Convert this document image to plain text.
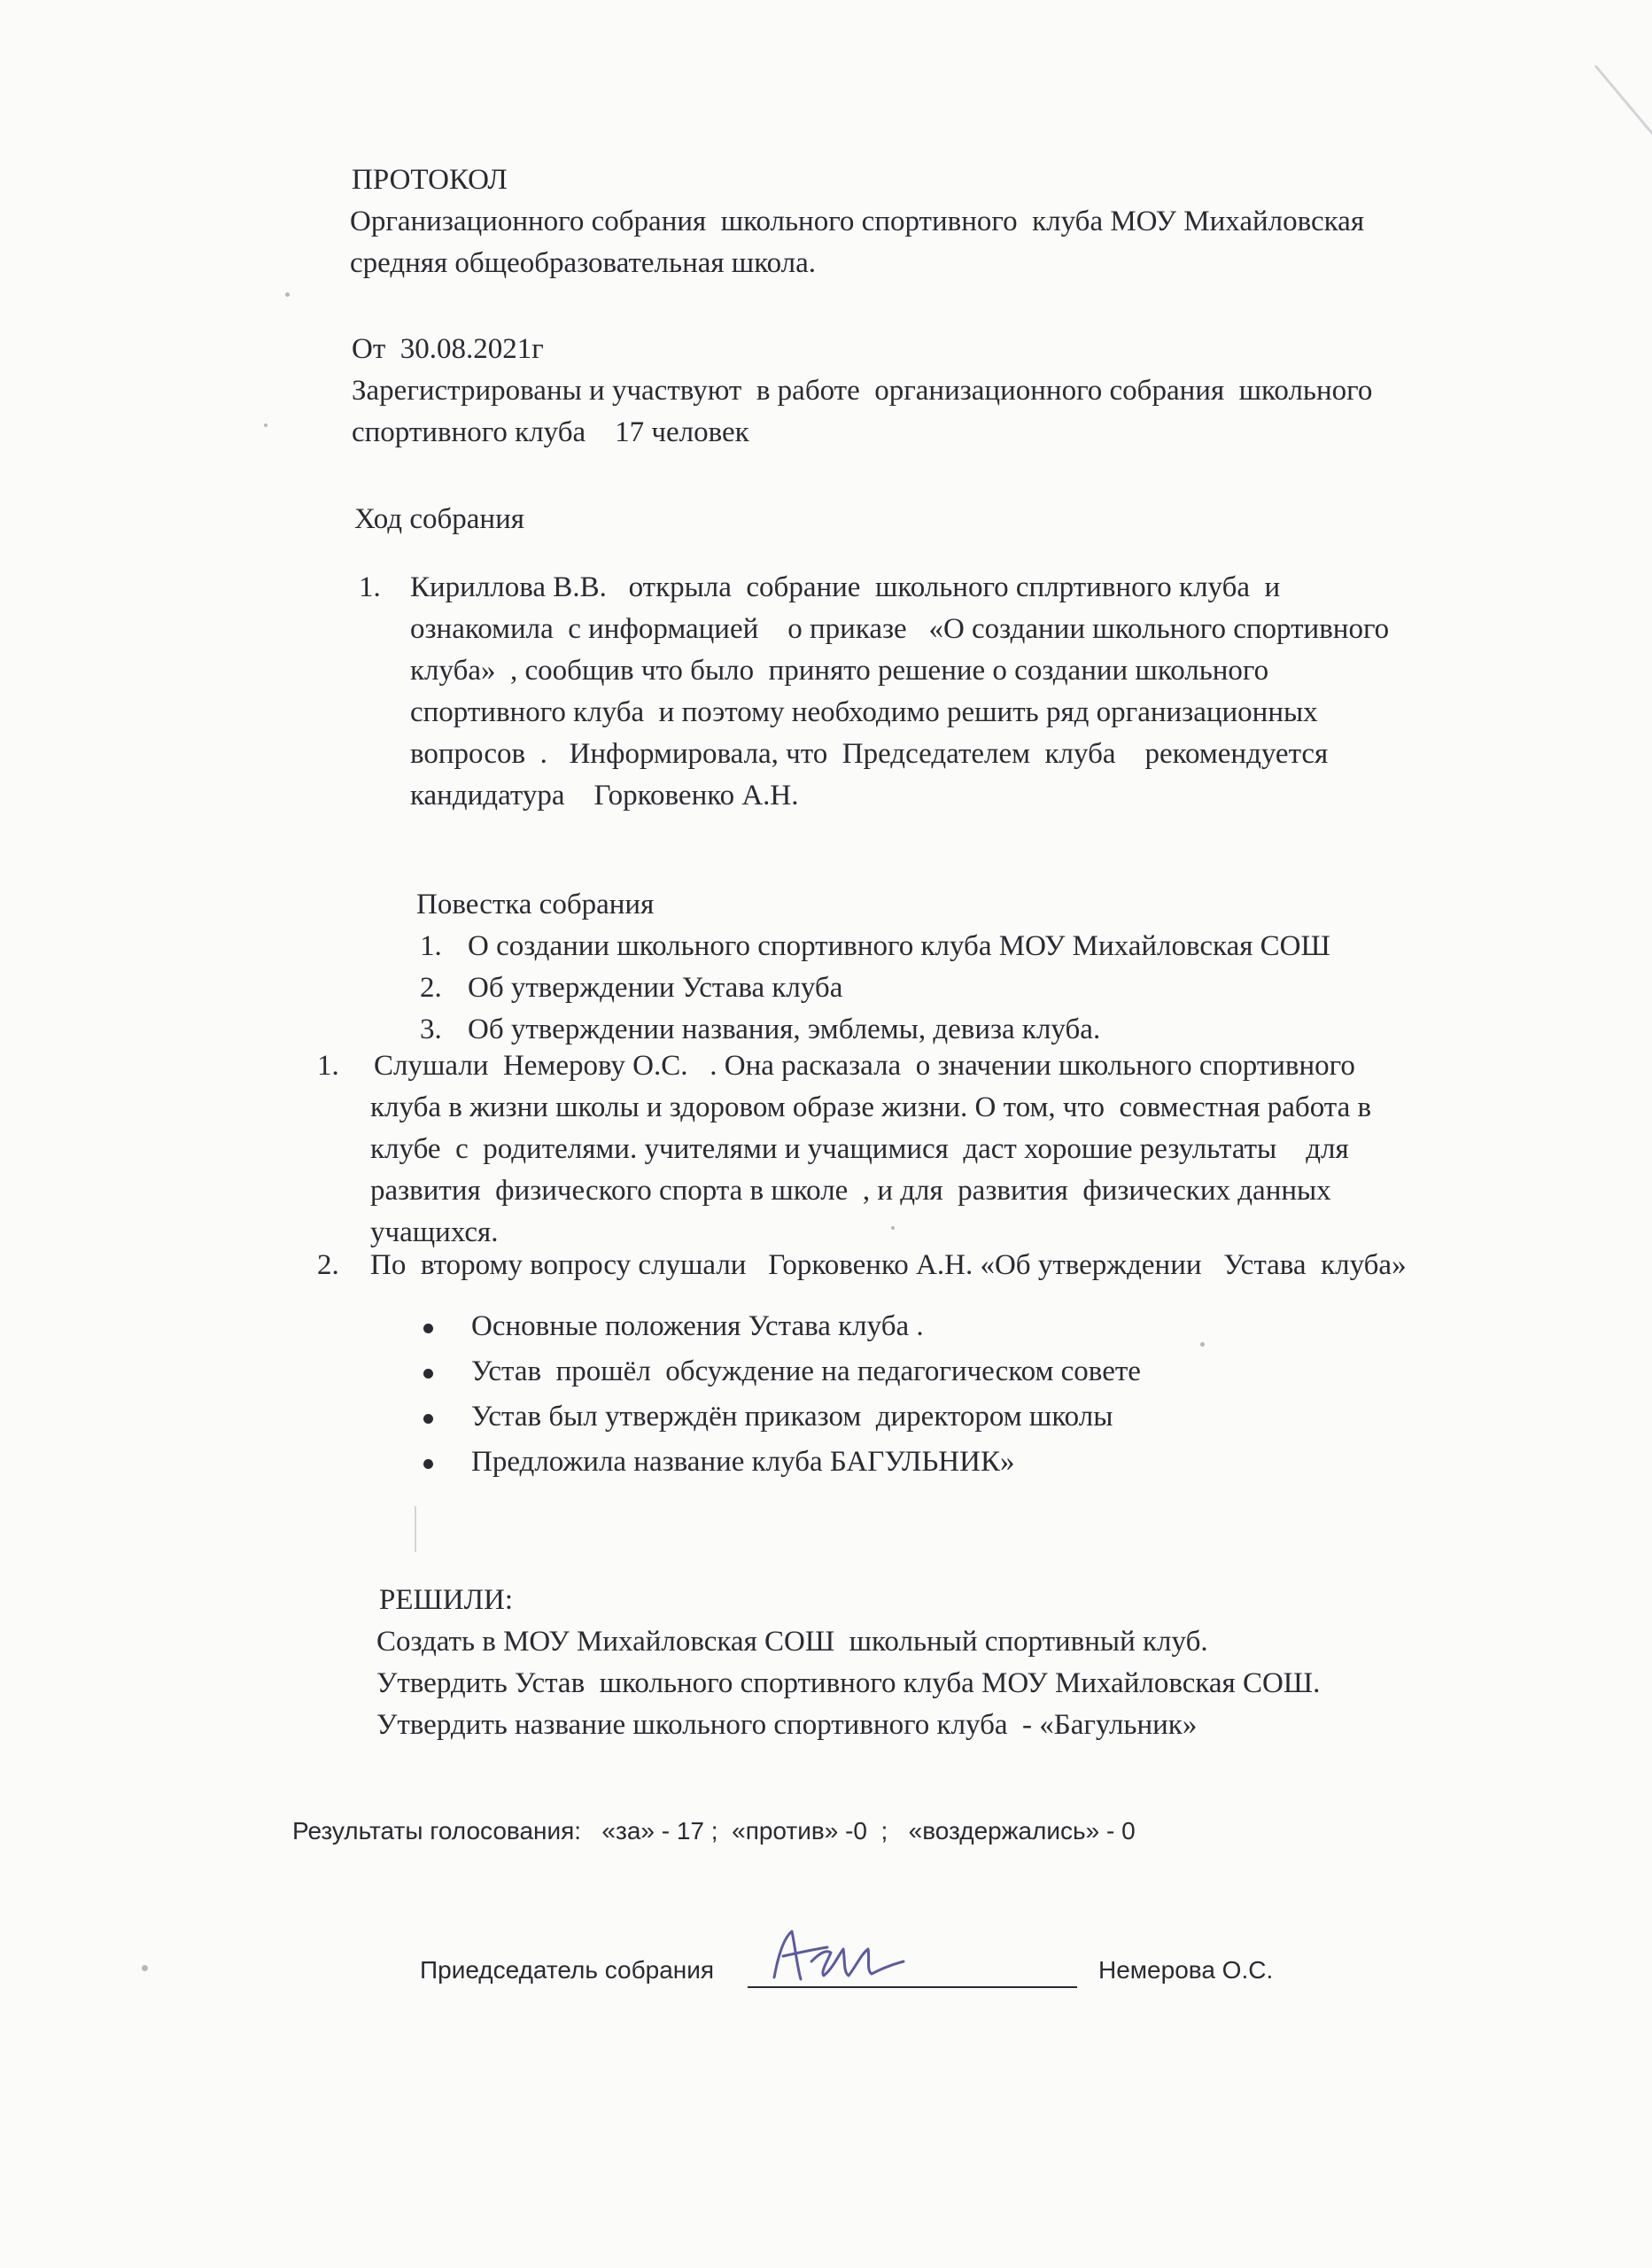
ПРОТОКОЛ
Организационного собрания  школьного спортивного  клуба МОУ Михайловская
средняя общеобразовательная школа.
От  30.08.2021г
Зарегистрированы и участвуют  в работе  организационного собрания  школьного
спортивного клуба    17 человек
Ход собрания
1. Кириллова В.В.   открыла  собрание  школьного сплртивного клуба  и
ознакомила  с информацией    о приказе   «О создании школьного спортивного
клуба»  , сообщив что было  принято решение о создании школьного
спортивного клуба  и поэтому необходимо решить ряд организационных
вопросов  .   Информировала, что  Председателем  клуба    рекомендуется
кандидатура    Горковенко А.Н.
Повестка собрания
1. О создании школьного спортивного клуба МОУ Михайловская СОШ
2. Об утверждении Устава клуба
3. Об утверждении названия, эмблемы, девиза клуба.
1. Слушали  Немерову О.С.   . Она расказала  о значении школьного спортивного
клуба в жизни школы и здоровом образе жизни. О том, что  совместная работа в
клубе  с  родителями. учителями и учащимися  даст хорошие результаты    для
развития  физического спорта в школе  , и для  развития  физических данных
учащихся.
2. По  второму вопросу слушали   Горковенко А.Н. «Об утверждении   Устава  клуба»
Основные положения Устава клуба .
Устав  прошёл  обсуждение на педагогическом совете
Устав был утверждён приказом  директором школы
Предложила название клуба БАГУЛЬНИК»
РЕШИЛИ:
Создать в МОУ Михайловская СОШ  школьный спортивный клуб.
Утвердить Устав  школьного спортивного клуба МОУ Михайловская СОШ.
Утвердить название школьного спортивного клуба  - «Багульник»
Результаты голосования:   «за» - 17 ;  «против» -0  ;   «воздержались» - 0
Приедседатель собрания	Немерова О.С.
